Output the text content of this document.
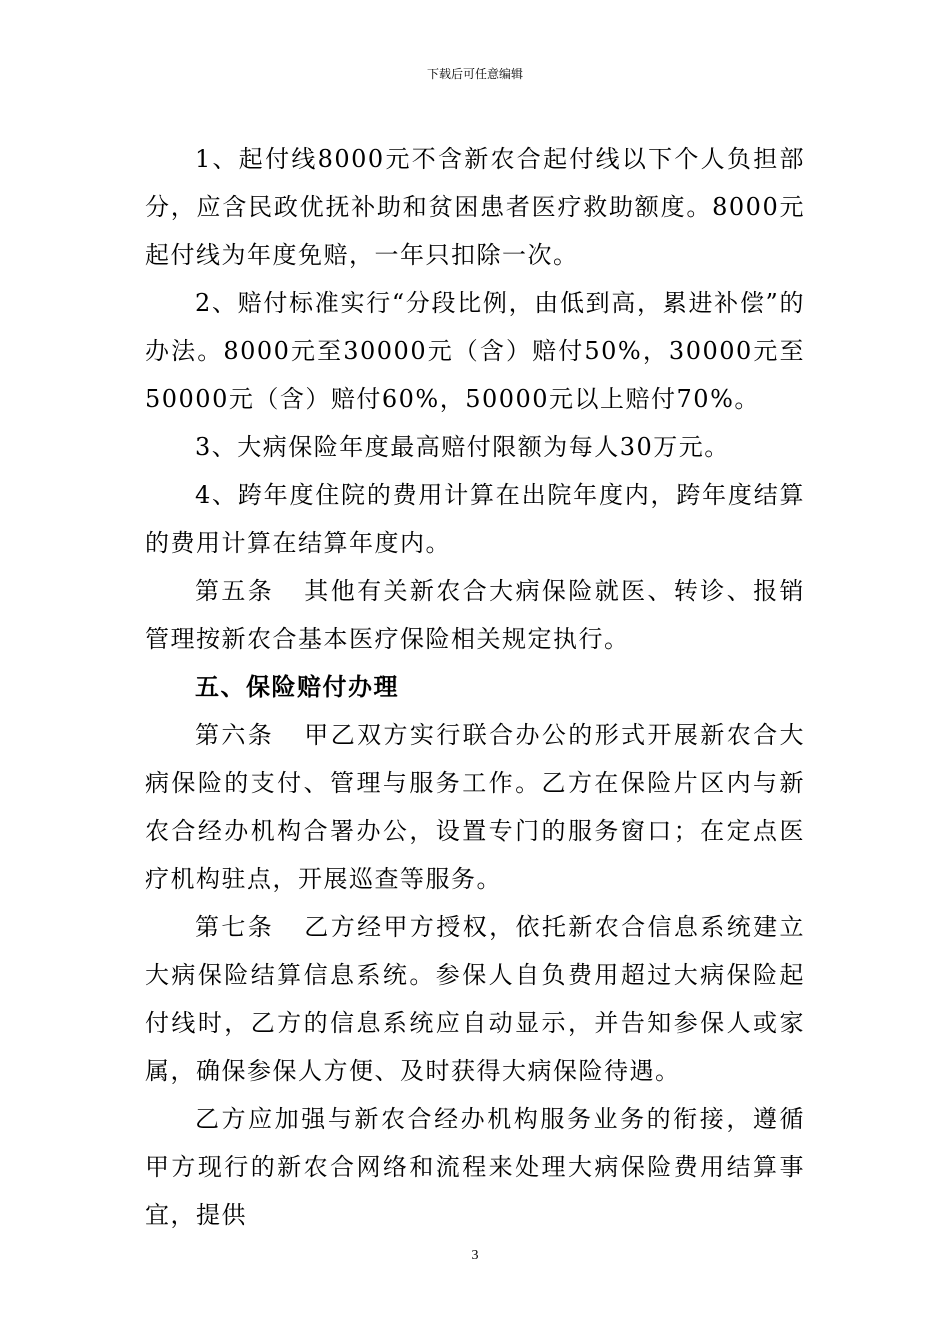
下载后可任意编辑

1、起付线8000元不含新农合起付线以下个人负担部分，应含民政优抚补助和贫困患者医疗救助额度。8000元起付线为年度免赔，一年只扣除一次。

2、赔付标准实行“分段比例，由低到高，累进补偿”的办法。8000元至30000元（含）赔付50%，30000元至50000元（含）赔付60%，50000元以上赔付70%。

3、大病保险年度最高赔付限额为每人30万元。

4、跨年度住院的费用计算在出院年度内，跨年度结算的费用计算在结算年度内。

第五条   其他有关新农合大病保险就医、转诊、报销管理按新农合基本医疗保险相关规定执行。

五、保险赔付办理

第六条   甲乙双方实行联合办公的形式开展新农合大病保险的支付、管理与服务工作。乙方在保险片区内与新农合经办机构合署办公，设置专门的服务窗口；在定点医疗机构驻点，开展巡查等服务。

第七条   乙方经甲方授权，依托新农合信息系统建立大病保险结算信息系统。参保人自负费用超过大病保险起付线时，乙方的信息系统应自动显示，并告知参保人或家属，确保参保人方便、及时获得大病保险待遇。

乙方应加强与新农合经办机构服务业务的衔接，遵循甲方现行的新农合网络和流程来处理大病保险费用结算事宜，提供

3
